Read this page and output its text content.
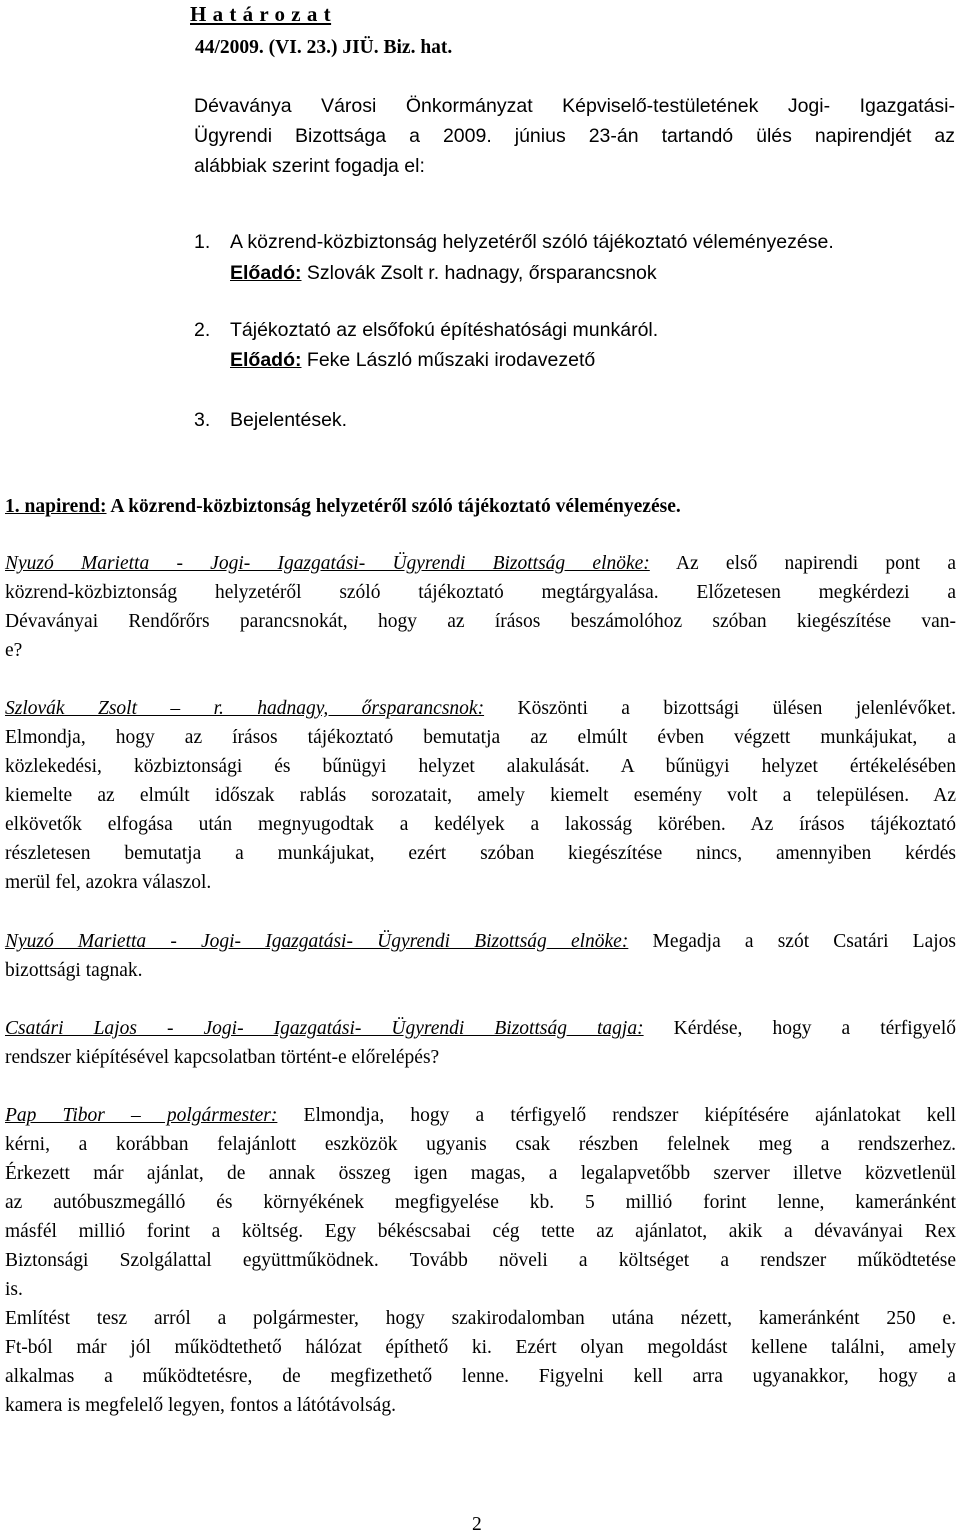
H a t á r o z a t
44/2009. (VI. 23.) JIÜ. Biz. hat.
Dévaványa Városi Önkormányzat Képviselő-testületének Jogi- Igazgatási-
Ügyrendi Bizottsága a 2009. június 23-án tartandó ülés napirendjét az
alábbiak szerint fogadja el:
1. A közrend-közbiztonság helyzetéről szóló tájékoztató véleményezése.
Előadó: Szlovák Zsolt r. hadnagy, őrsparancsnok
2. Tájékoztató az elsőfokú építéshatósági munkáról.
Előadó: Feke László műszaki irodavezető
3. Bejelentések.
1. napirend: A közrend-közbiztonság helyzetéről szóló tájékoztató véleményezése.
Nyuzó Marietta - Jogi- Igazgatási- Ügyrendi Bizottság elnöke: Az első napirendi pont a
közrend-közbiztonság helyzetéről szóló tájékoztató megtárgyalása. Előzetesen megkérdezi a
Dévaványai Rendőrőrs parancsnokát, hogy az írásos beszámolóhoz szóban kiegészítése van-
e?
Szlovák Zsolt – r. hadnagy, őrsparancsnok: Köszönti a bizottsági ülésen jelenlévőket.
Elmondja, hogy az írásos tájékoztató bemutatja az elmúlt évben végzett munkájukat, a
közlekedési, közbiztonsági és bűnügyi helyzet alakulását. A bűnügyi helyzet értékelésében
kiemelte az elmúlt időszak rablás sorozatait, amely kiemelt esemény volt a településen. Az
elkövetők elfogása után megnyugodtak a kedélyek a lakosság körében. Az írásos tájékoztató
részletesen bemutatja a munkájukat, ezért szóban kiegészítése nincs, amennyiben kérdés
merül fel, azokra válaszol.
Nyuzó Marietta - Jogi- Igazgatási- Ügyrendi Bizottság elnöke: Megadja a szót Csatári Lajos
bizottsági tagnak.
Csatári Lajos - Jogi- Igazgatási- Ügyrendi Bizottság tagja: Kérdése, hogy a térfigyelő
rendszer kiépítésével kapcsolatban történt-e előrelépés?
Pap Tibor – polgármester: Elmondja, hogy a térfigyelő rendszer kiépítésére ajánlatokat kell
kérni, a korábban felajánlott eszközök ugyanis csak részben felelnek meg a rendszerhez.
Érkezett már ajánlat, de annak összeg igen magas, a legalapvetőbb szerver illetve közvetlenül
az autóbuszmegálló és környékének megfigyelése kb. 5 millió forint lenne, kameránként
másfél millió forint a költség. Egy békéscsabai cég tette az ajánlatot, akik a dévaványai Rex
Biztonsági Szolgálattal együttműködnek. Tovább növeli a költséget a rendszer működtetése
is.
Említést tesz arról a polgármester, hogy szakirodalomban utána nézett, kameránként 250 e.
Ft-ból már jól működtethető hálózat építhető ki. Ezért olyan megoldást kellene találni, amely
alkalmas a működtetésre, de megfizethető lenne. Figyelni kell arra ugyanakkor, hogy a
kamera is megfelelő legyen, fontos a látótávolság.
2
